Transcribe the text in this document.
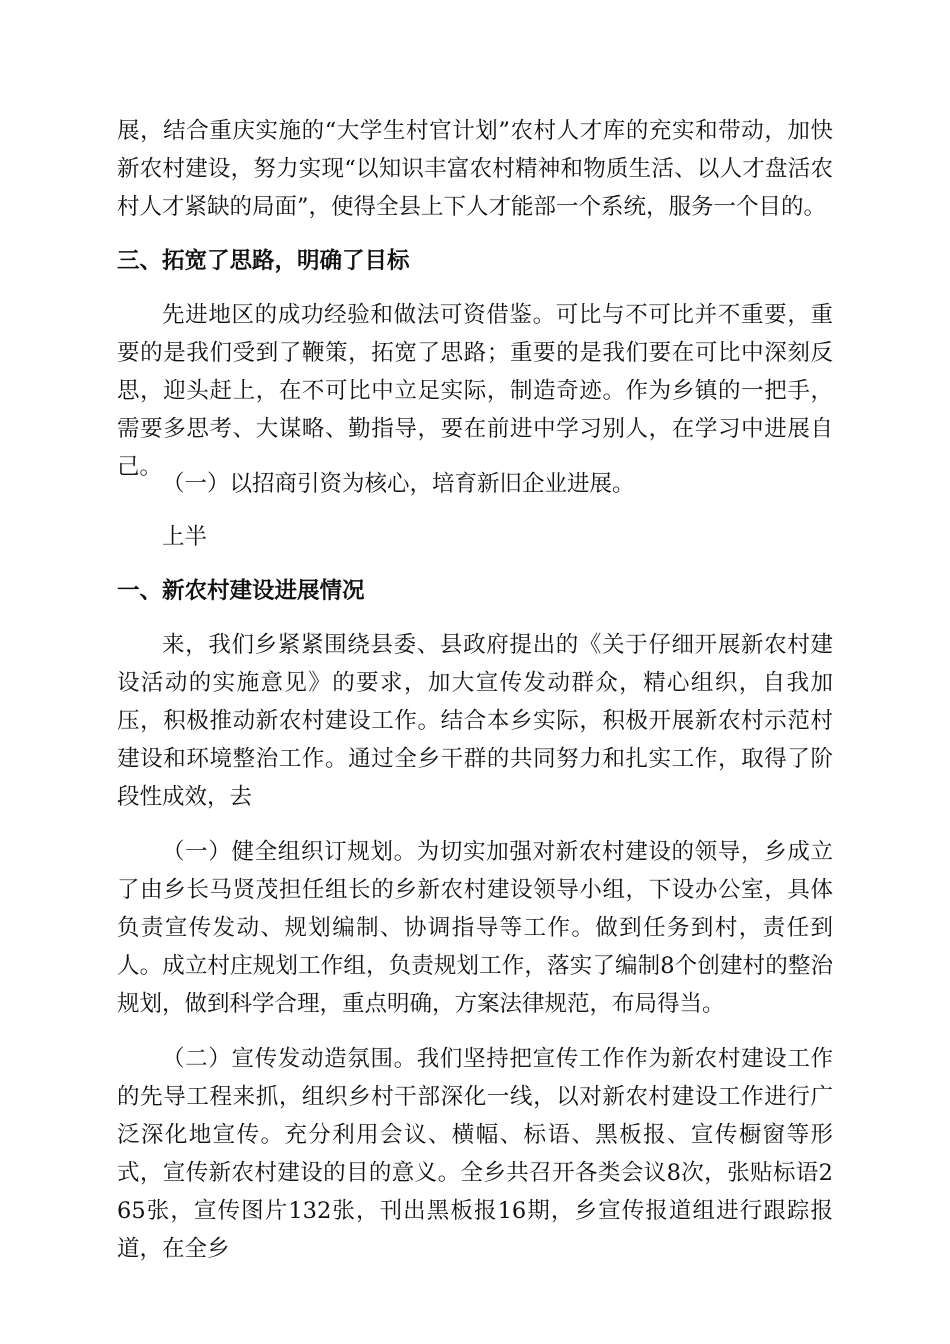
展，结合重庆实施的“大学生村官计划”农村人才库的充实和带动，加快新农村建设，努力实现“以知识丰富农村精神和物质生活、以人才盘活农村人才紧缺的局面”，使得全县上下人才能部一个系统，服务一个目的。

三、拓宽了思路，明确了目标

先进地区的成功经验和做法可资借鉴。可比与不可比并不重要，重要的是我们受到了鞭策，拓宽了思路；重要的是我们要在可比中深刻反思，迎头赶上，在不可比中立足实际，制造奇迹。作为乡镇的一把手，需要多思考、大谋略、勤指导，要在前进中学习别人，在学习中进展自己。

（一）以招商引资为核心，培育新旧企业进展。

上半

一、新农村建设进展情况

来，我们乡紧紧围绕县委、县政府提出的《关于仔细开展新农村建设活动的实施意见》的要求，加大宣传发动群众，精心组织，自我加压，积极推动新农村建设工作。结合本乡实际，积极开展新农村示范村建设和环境整治工作。通过全乡干群的共同努力和扎实工作，取得了阶段性成效，去

（一）健全组织订规划。为切实加强对新农村建设的领导，乡成立了由乡长马贤茂担任组长的乡新农村建设领导小组，下设办公室，具体负责宣传发动、规划编制、协调指导等工作。做到任务到村，责任到人。成立村庄规划工作组，负责规划工作，落实了编制8个创建村的整治规划，做到科学合理，重点明确，方案法律规范，布局得当。

（二）宣传发动造氛围。我们坚持把宣传工作作为新农村建设工作的先导工程来抓，组织乡村干部深化一线，以对新农村建设工作进行广泛深化地宣传。充分利用会议、横幅、标语、黑板报、宣传橱窗等形式，宣传新农村建设的目的意义。全乡共召开各类会议8次，张贴标语265张，宣传图片132张，刊出黑板报16期，乡宣传报道组进行跟踪报道，在全乡
